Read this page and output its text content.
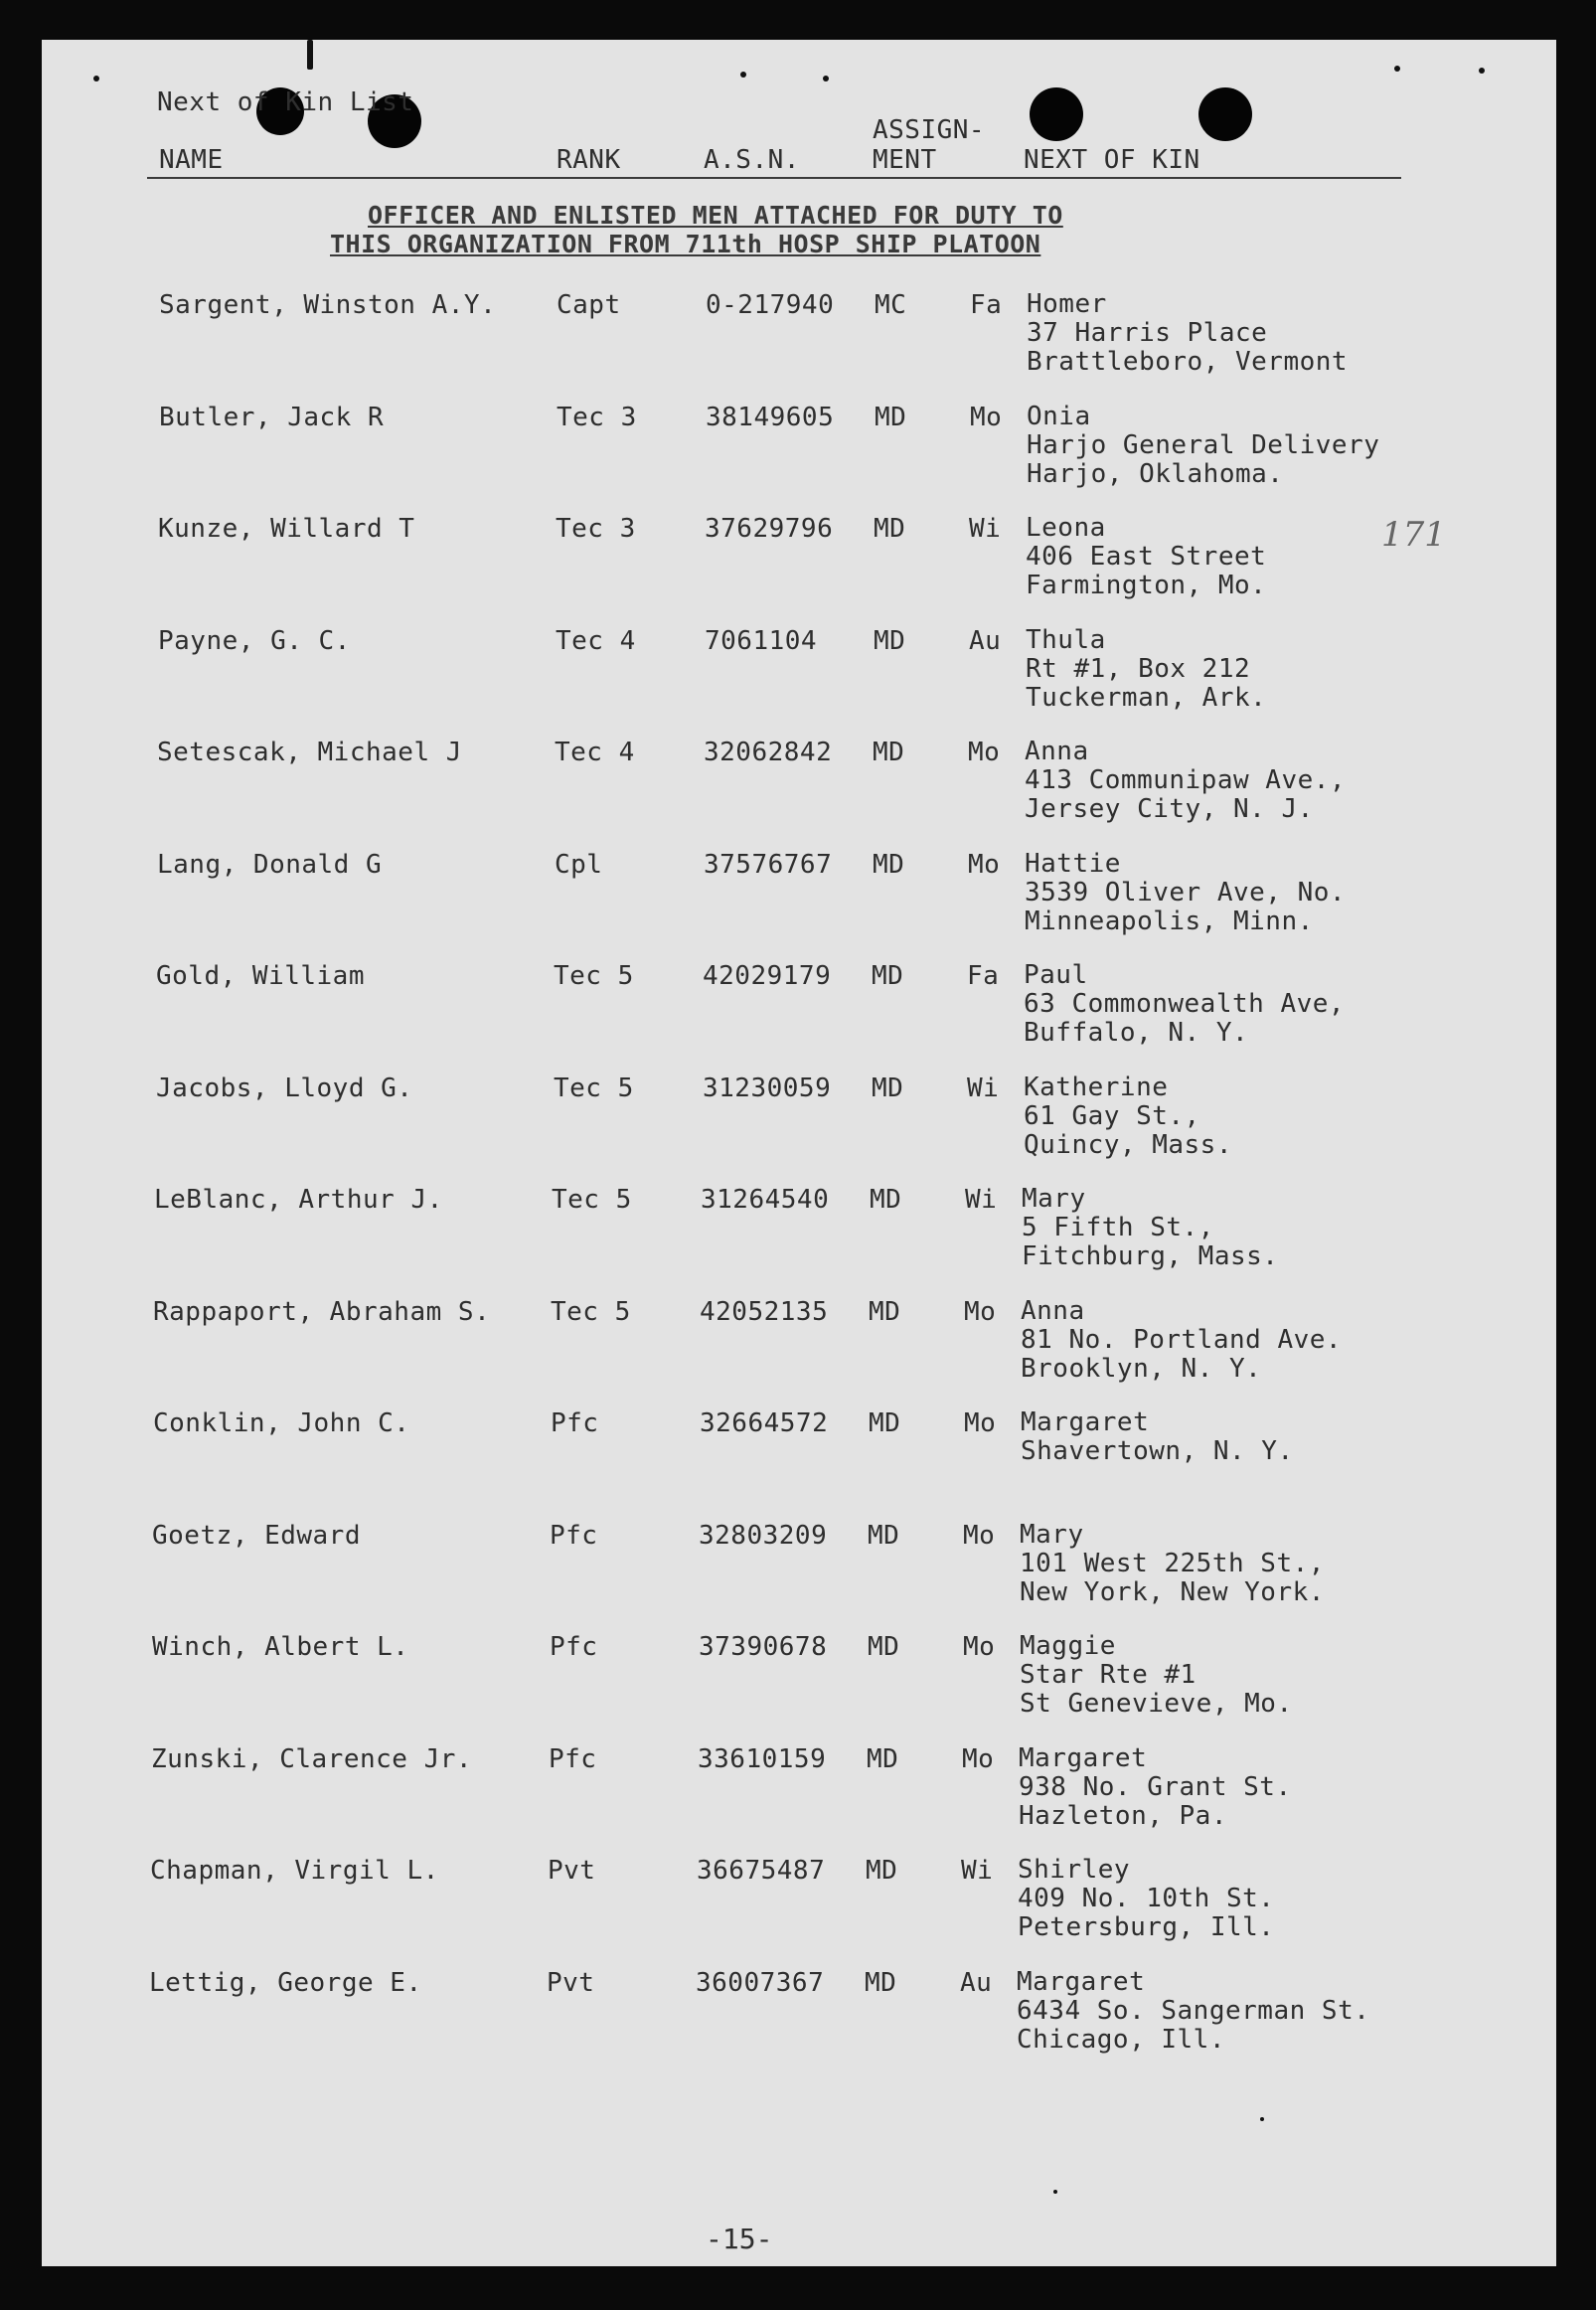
Next of Kin List
NAME	RANK	A.S.N.
ASSIGN-
MENT	NEXT OF KIN
OFFICER AND ENLISTED MEN ATTACHED FOR DUTY TO
THIS ORGANIZATION FROM 711th HOSP SHIP PLATOON
Sargent, Winston A.Y. Capt	0-217940 MC Fa Homer
37 Harris Place
Brattleboro, Vermont
Butler, Jack R	Tec 3	38149605 MD Mo Onia
Harjo General Delivery
Harjo, Oklahoma.
Kunze, Willard T	Tec 3	37629796 MD Wi Leona
406 East Street
Farmington, Mo.
Payne, G. C.	Tec 4	7061104 MD Au Thula
Rt #1, Box 212
Tuckerman, Ark.
Setescak, Michael J	Tec 4	32062842 MD Mo Anna
413 Communipaw Ave.,
Jersey City, N. J.
Lang, Donald G	Cpl	37576767 MD Mo Hattie
3539 Oliver Ave, No.
Minneapolis, Minn.
Gold, William	Tec 5	42029179 MD Fa Paul
63 Commonwealth Ave,
Buffalo, N. Y.
Jacobs, Lloyd G.	Tec 5	31230059 MD Wi Katherine
61 Gay St.,
Quincy, Mass.
LeBlanc, Arthur J.	Tec 5	31264540 MD Wi Mary
5 Fifth St.,
Fitchburg, Mass.
Rappaport, Abraham S. Tec 5	42052135 MD Mo Anna
81 No. Portland Ave.
Brooklyn, N. Y.
Conklin, John C.	Pfc	32664572 MD Mo Margaret
Shavertown, N. Y.
Goetz, Edward	Pfc	32803209 MD Mo Mary
101 West 225th St.,
New York, New York.
Winch, Albert L.	Pfc	37390678 MD Mo Maggie
Star Rte #1
St Genevieve, Mo.
Zunski, Clarence Jr.	Pfc	33610159 MD Mo Margaret
938 No. Grant St.
Hazleton, Pa.
Chapman, Virgil L.	Pvt	36675487 MD Wi Shirley
409 No. 10th St.
Petersburg, Ill.
Lettig, George E.	Pvt	36007367 MD Au Margaret
6434 So. Sangerman St.
Chicago, Ill.
171
-15-
